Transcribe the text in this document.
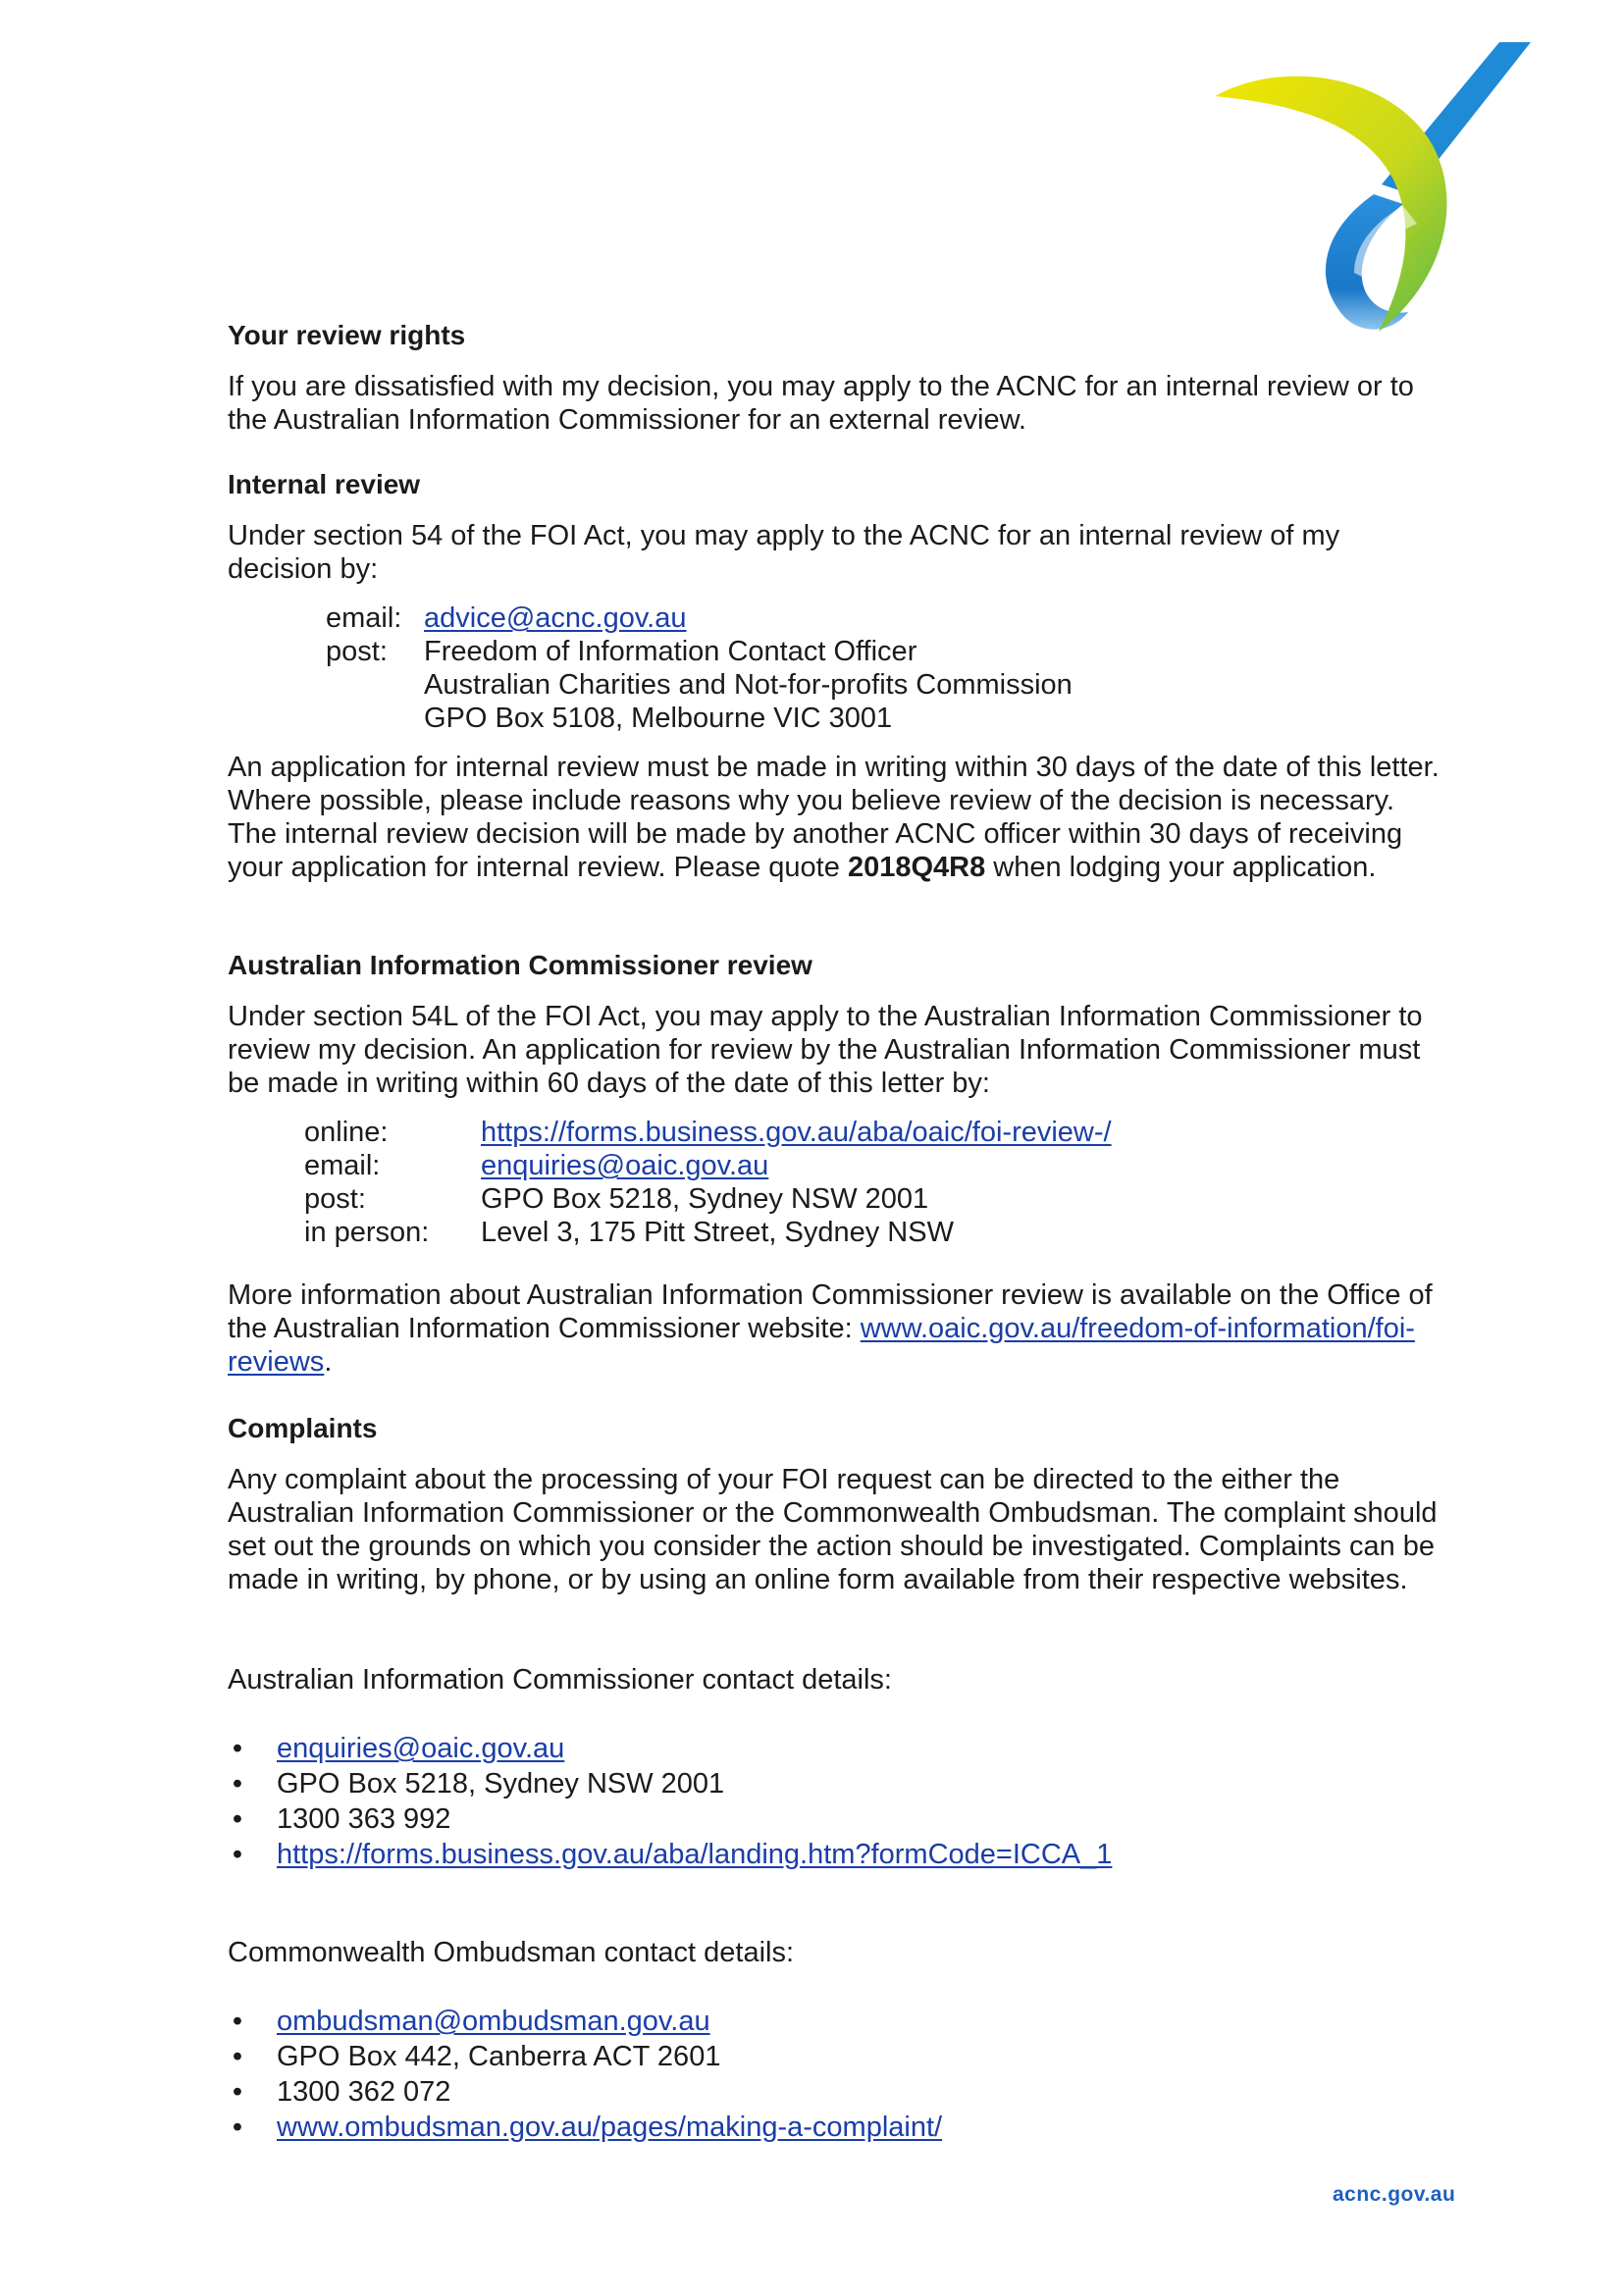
Your review rights

If you are dissatisfied with my decision, you may apply to the ACNC for an internal review or to the Australian Information Commissioner for an external review.

Internal review

Under section 54 of the FOI Act, you may apply to the ACNC for an internal review of my decision by:

email: advice@acnc.gov.au
post: Freedom of Information Contact Officer
Australian Charities and Not-for-profits Commission
GPO Box 5108, Melbourne VIC 3001

An application for internal review must be made in writing within 30 days of the date of this letter. Where possible, please include reasons why you believe review of the decision is necessary. The internal review decision will be made by another ACNC officer within 30 days of receiving your application for internal review. Please quote 2018Q4R8 when lodging your application.

Australian Information Commissioner review

Under section 54L of the FOI Act, you may apply to the Australian Information Commissioner to review my decision. An application for review by the Australian Information Commissioner must be made in writing within 60 days of the date of this letter by:

online:	https://forms.business.gov.au/aba/oaic/foi-review-/
email:	enquiries@oaic.gov.au
post:	GPO Box 5218, Sydney NSW 2001
in person: Level 3, 175 Pitt Street, Sydney NSW

More information about Australian Information Commissioner review is available on the Office of the Australian Information Commissioner website: www.oaic.gov.au/freedom-of-information/foi-reviews.

Complaints

Any complaint about the processing of your FOI request can be directed to the either the Australian Information Commissioner or the Commonwealth Ombudsman. The complaint should set out the grounds on which you consider the action should be investigated. Complaints can be made in writing, by phone, or by using an online form available from their respective websites.

Australian Information Commissioner contact details:
• enquiries@oaic.gov.au
• GPO Box 5218, Sydney NSW 2001
• 1300 363 992
• https://forms.business.gov.au/aba/landing.htm?formCode=ICCA_1
Commonwealth Ombudsman contact details:
• ombudsman@ombudsman.gov.au
• GPO Box 442, Canberra ACT 2601
• 1300 362 072
• www.ombudsman.gov.au/pages/making-a-complaint/
acnc.gov.au
